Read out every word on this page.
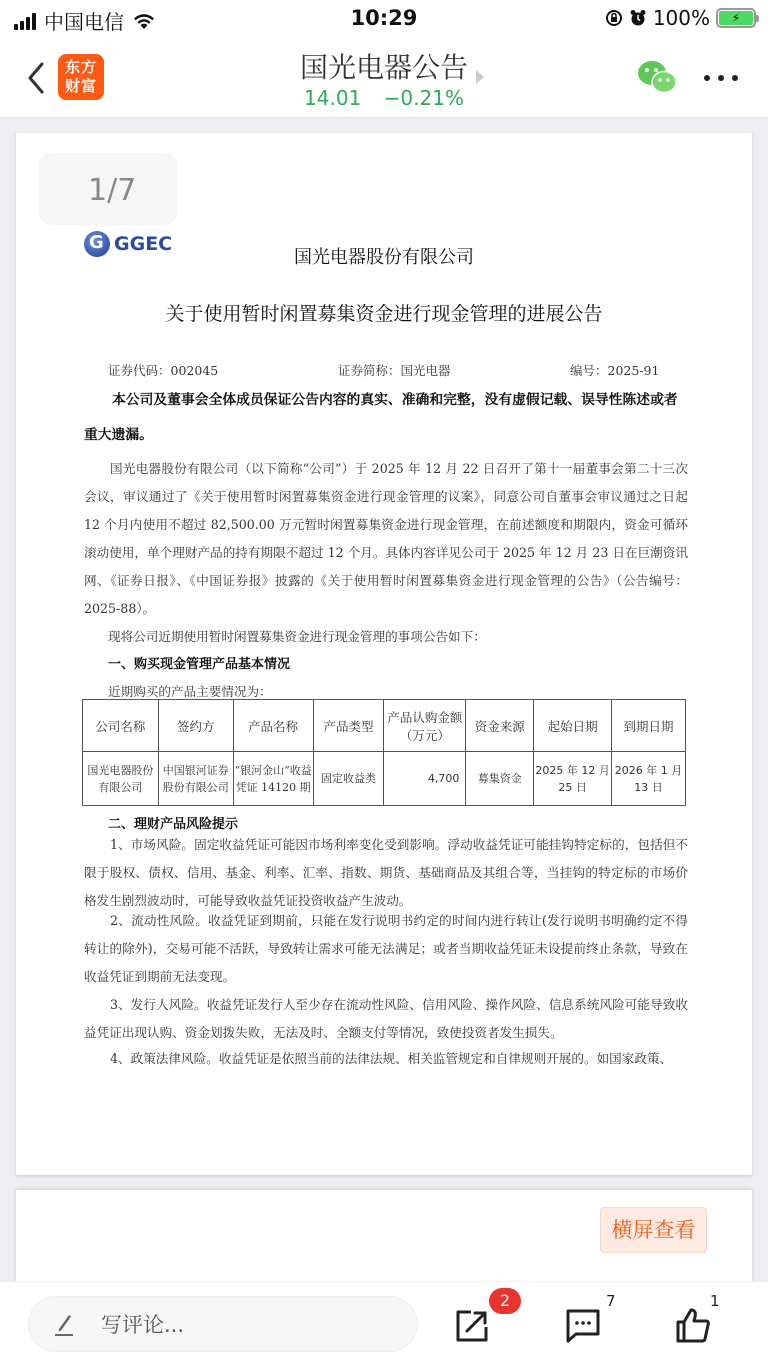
中国电信	10:29	100%	⚡
东方
财富
国光电器公告
14.01 −0.21%
1/7
G
GGEC
国光电器股份有限公司
关于使用暂时闲置募集资金进行现金管理的进展公告
证券代码：002045	证券简称：国光电器	编号：2025-91
本公司及董事会全体成员保证公告内容的真实、准确和完整，没有虚假记载、误导性陈述或者重大遗漏。
国光电器股份有限公司（以下简称“公司”）于 2025 年 12 月 22 日召开了第十一届董事会第二十三次会议，审议通过了《关于使用暂时闲置募集资金进行现金管理的议案》，同意公司自董事会审议通过之日起 12 个月内使用不超过 82,500.00 万元暂时闲置募集资金进行现金管理，在前述额度和期限内，资金可循环滚动使用，单个理财产品的持有期限不超过 12 个月。具体内容详见公司于 2025 年 12 月 23 日在巨潮资讯网、《证券日报》、《中国证券报》披露的《关于使用暂时闲置募集资金进行现金管理的公告》（公告编号：2025-88）。
现将公司近期使用暂时闲置募集资金进行现金管理的事项公告如下：
一、购买现金管理产品基本情况
近期购买的产品主要情况为：
公司名称	签约方	产品名称	产品类型	产品认购金额（万元）	资金来源	起始日期	到期日期
国光电器股份有限公司	中国银河证券股份有限公司	“银河金山”收益凭证 14120 期	固定收益类	4,700	募集资金	2025 年 12 月 25 日	2026 年 1 月 13 日
二、理财产品风险提示
1、市场风险。固定收益凭证可能因市场利率变化受到影响。浮动收益凭证可能挂钩特定标的，包括但不限于股权、债权、信用、基金、利率、汇率、指数、期货、基础商品及其组合等，当挂钩的特定标的市场价格发生剧烈波动时，可能导致收益凭证投资收益产生波动。
2、流动性风险。收益凭证到期前，只能在发行说明书约定的时间内进行转让(发行说明书明确约定不得转让的除外)，交易可能不活跃，导致转让需求可能无法满足；或者当期收益凭证未设提前终止条款，导致在收益凭证到期前无法变现。
3、发行人风险。收益凭证发行人至少存在流动性风险、信用风险、操作风险、信息系统风险可能导致收益凭证出现认购、资金划拨失败，无法及时、全额支付等情况，致使投资者发生损失。
4、政策法律风险。收益凭证是依照当前的法律法规、相关监管规定和自律规则开展的。如国家政策、
横屏查看
写评论...
2	7	1
